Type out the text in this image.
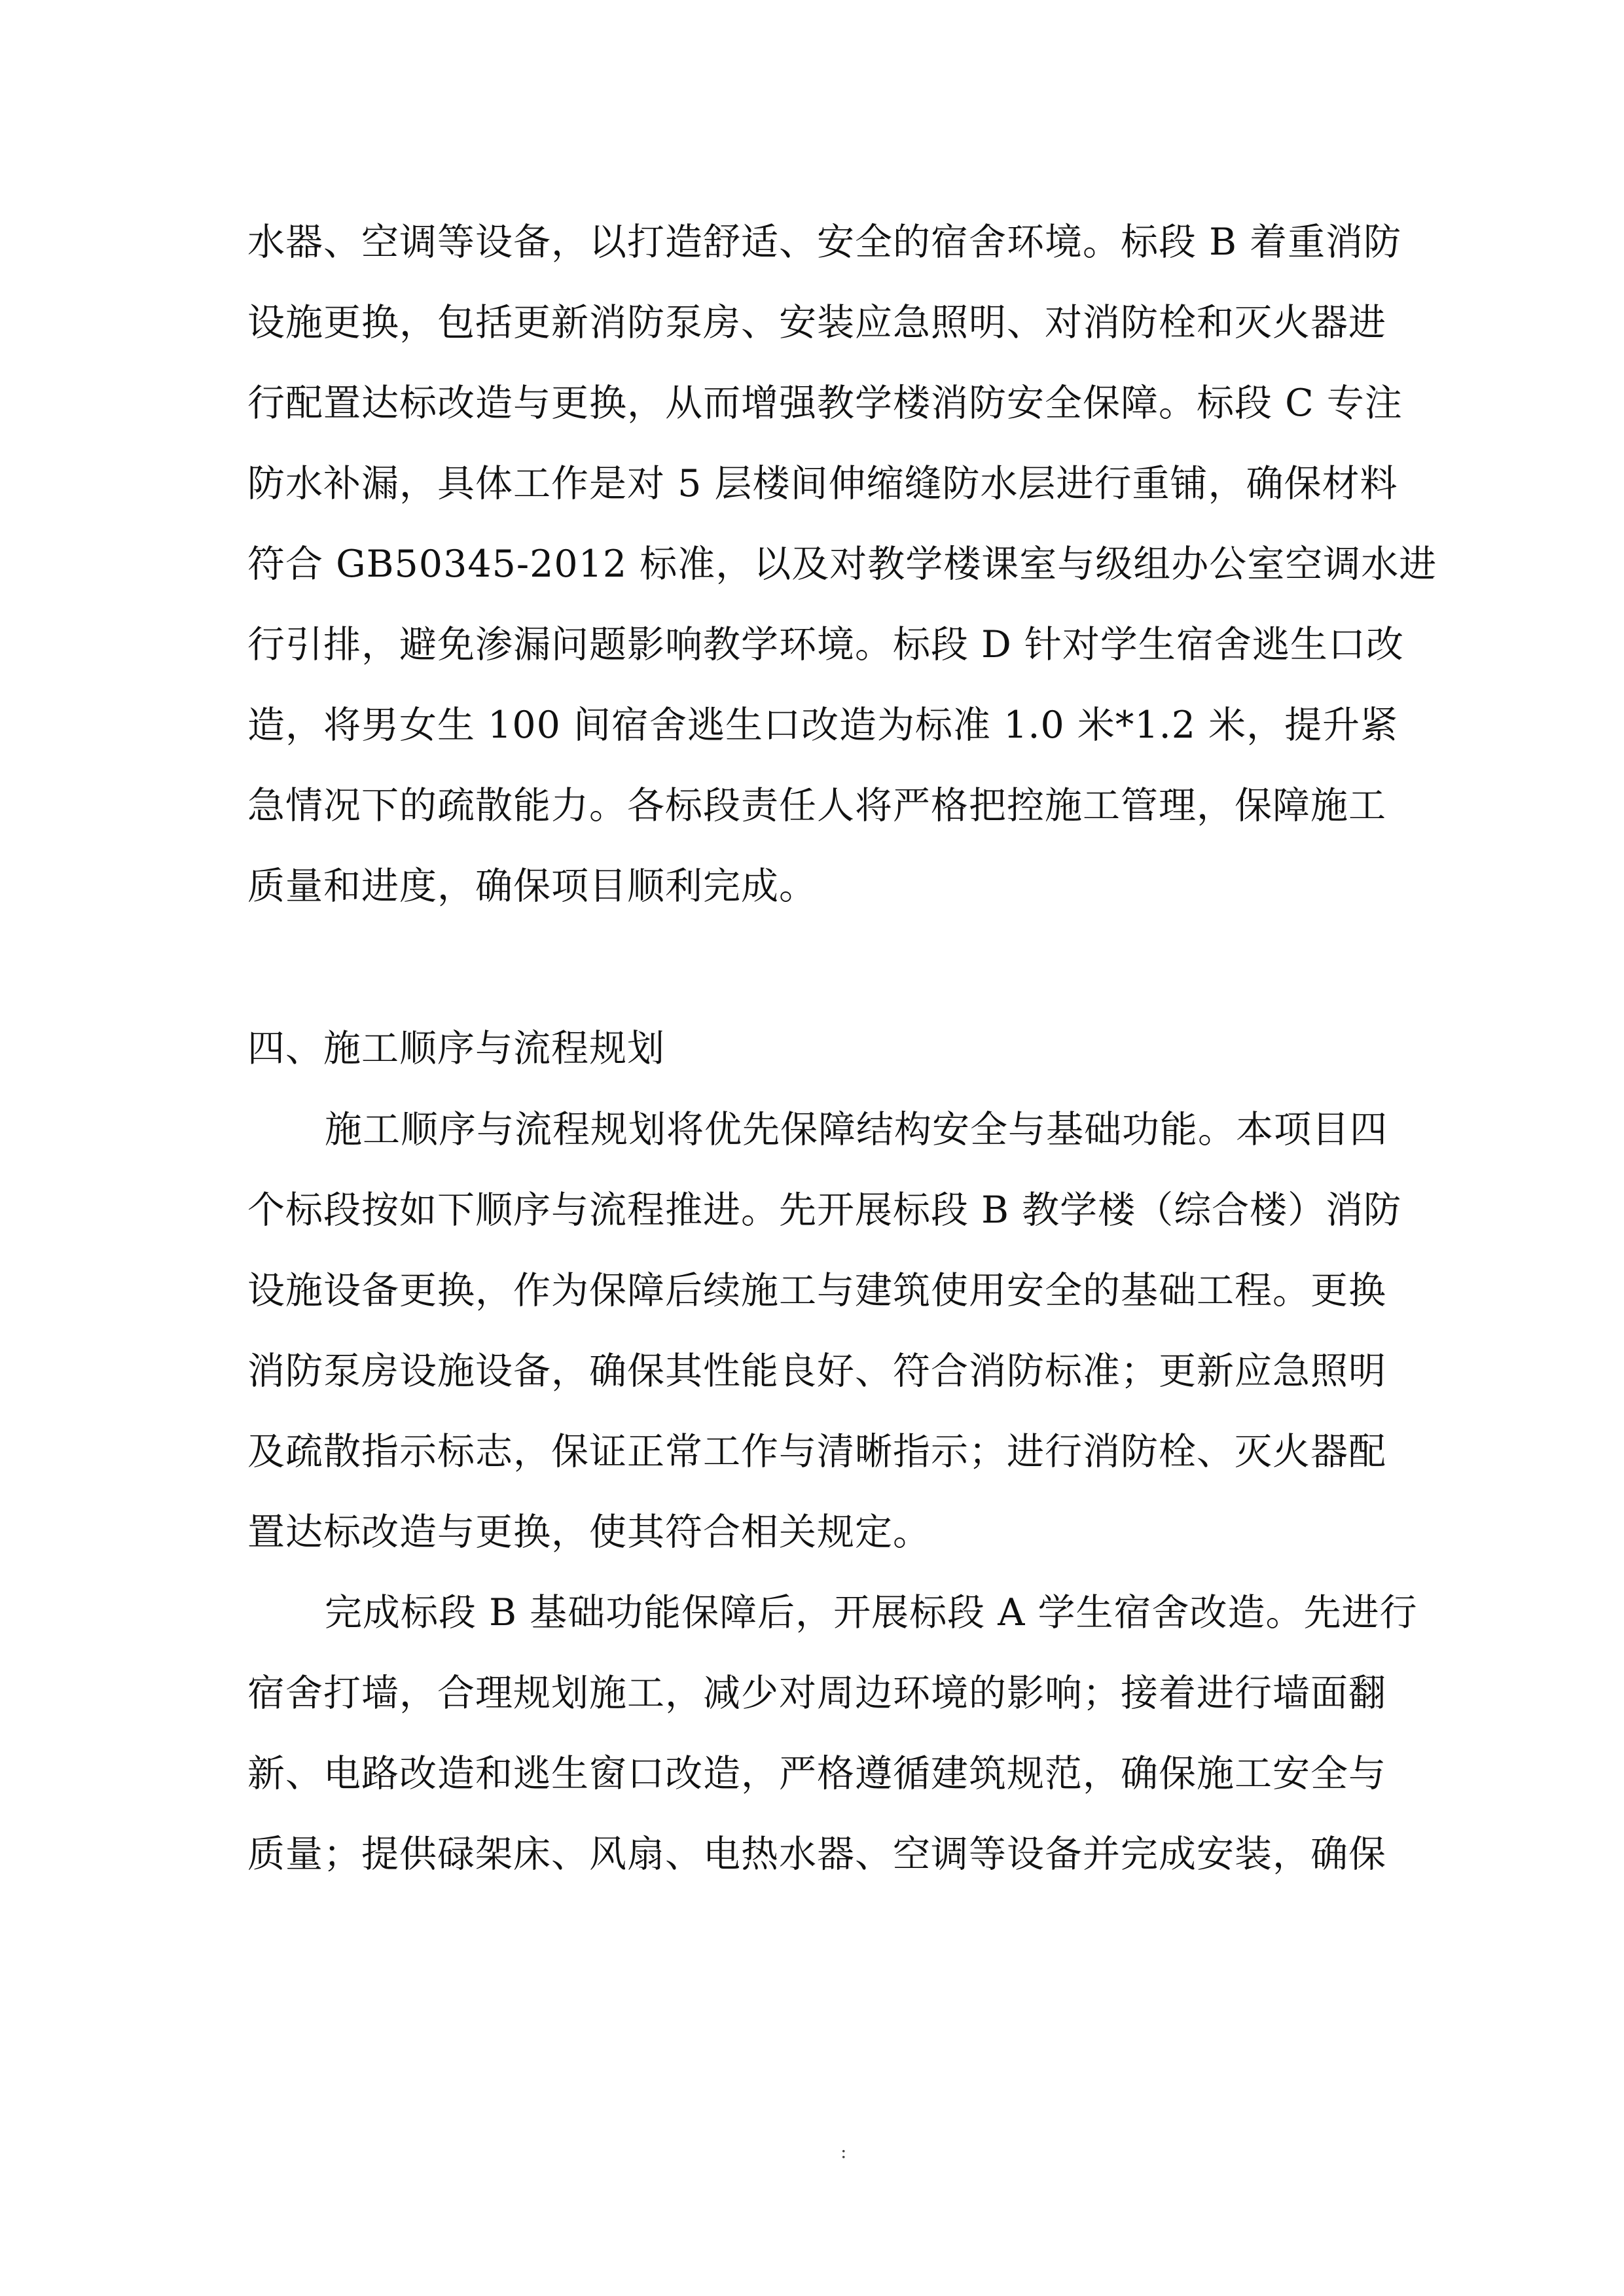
水器、空调等设备，以打造舒适、安全的宿舍环境。标段 B 着重消防
设施更换，包括更新消防泵房、安装应急照明、对消防栓和灭火器进
行配置达标改造与更换，从而增强教学楼消防安全保障。标段 C 专注
防水补漏，具体工作是对 5 层楼间伸缩缝防水层进行重铺，确保材料
符合 GB50345-2012 标准，以及对教学楼课室与级组办公室空调水进
行引排，避免渗漏问题影响教学环境。标段 D 针对学生宿舍逃生口改
造，将男女生 100 间宿舍逃生口改造为标准 1.0 米*1.2 米，提升紧
急情况下的疏散能力。各标段责任人将严格把控施工管理，保障施工
质量和进度，确保项目顺利完成。
四、施工顺序与流程规划
施工顺序与流程规划将优先保障结构安全与基础功能。本项目四
个标段按如下顺序与流程推进。先开展标段 B 教学楼（综合楼）消防
设施设备更换，作为保障后续施工与建筑使用安全的基础工程。更换
消防泵房设施设备，确保其性能良好、符合消防标准；更新应急照明
及疏散指示标志，保证正常工作与清晰指示；进行消防栓、灭火器配
置达标改造与更换，使其符合相关规定。
完成标段 B 基础功能保障后，开展标段 A 学生宿舍改造。先进行
宿舍打墙，合理规划施工，减少对周边环境的影响；接着进行墙面翻
新、电路改造和逃生窗口改造，严格遵循建筑规范，确保施工安全与
质量；提供碌架床、风扇、电热水器、空调等设备并完成安装，确保
:
